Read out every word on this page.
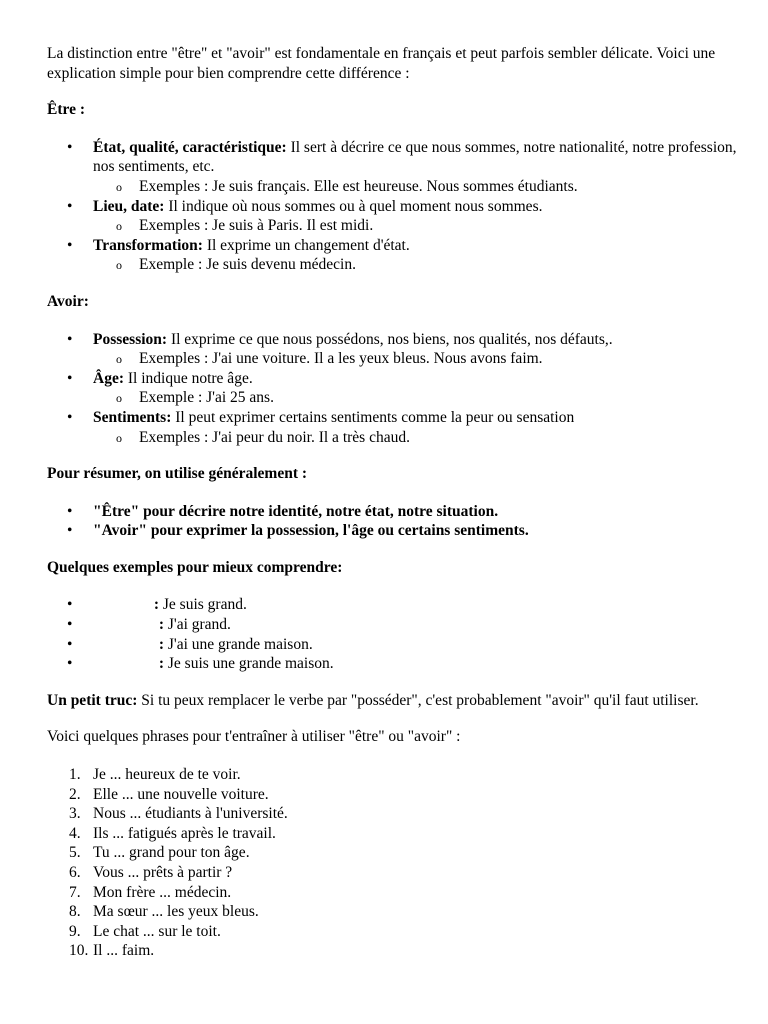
La distinction entre "être" et "avoir" est fondamentale en français et peut parfois sembler délicate. Voici une explication simple pour bien comprendre cette différence :

Être :

• État, qualité, caractéristique: Il sert à décrire ce que nous sommes, notre nationalité, notre profession, nos sentiments, etc.
o Exemples : Je suis français. Elle est heureuse. Nous sommes étudiants.
• Lieu, date: Il indique où nous sommes ou à quel moment nous sommes.
o Exemples : Je suis à Paris. Il est midi.
• Transformation: Il exprime un changement d'état.
o Exemple : Je suis devenu médecin.

Avoir:

• Possession: Il exprime ce que nous possédons, nos biens, nos qualités, nos défauts,.
o Exemples : J'ai une voiture. Il a les yeux bleus. Nous avons faim.
• Âge: Il indique notre âge.
o Exemple : J'ai 25 ans.
• Sentiments: Il peut exprimer certains sentiments comme la peur ou sensation
o Exemples : J'ai peur du noir. Il a très chaud.

Pour résumer, on utilise généralement :

• "Être" pour décrire notre identité, notre état, notre situation.
• "Avoir" pour exprimer la possession, l'âge ou certains sentiments.

Quelques exemples pour mieux comprendre:

• : Je suis grand.
• : J'ai grand.
• : J'ai une grande maison.
• : Je suis une grande maison.

Un petit truc: Si tu peux remplacer le verbe par "posséder", c'est probablement "avoir" qu'il faut utiliser.

Voici quelques phrases pour t'entraîner à utiliser "être" ou "avoir" :

1. Je ... heureux de te voir.
2. Elle ... une nouvelle voiture.
3. Nous ... étudiants à l'université.
4. Ils ... fatigués après le travail.
5. Tu ... grand pour ton âge.
6. Vous ... prêts à partir ?
7. Mon frère ... médecin.
8. Ma sœur ... les yeux bleus.
9. Le chat ... sur le toit.
10. Il ... faim.
